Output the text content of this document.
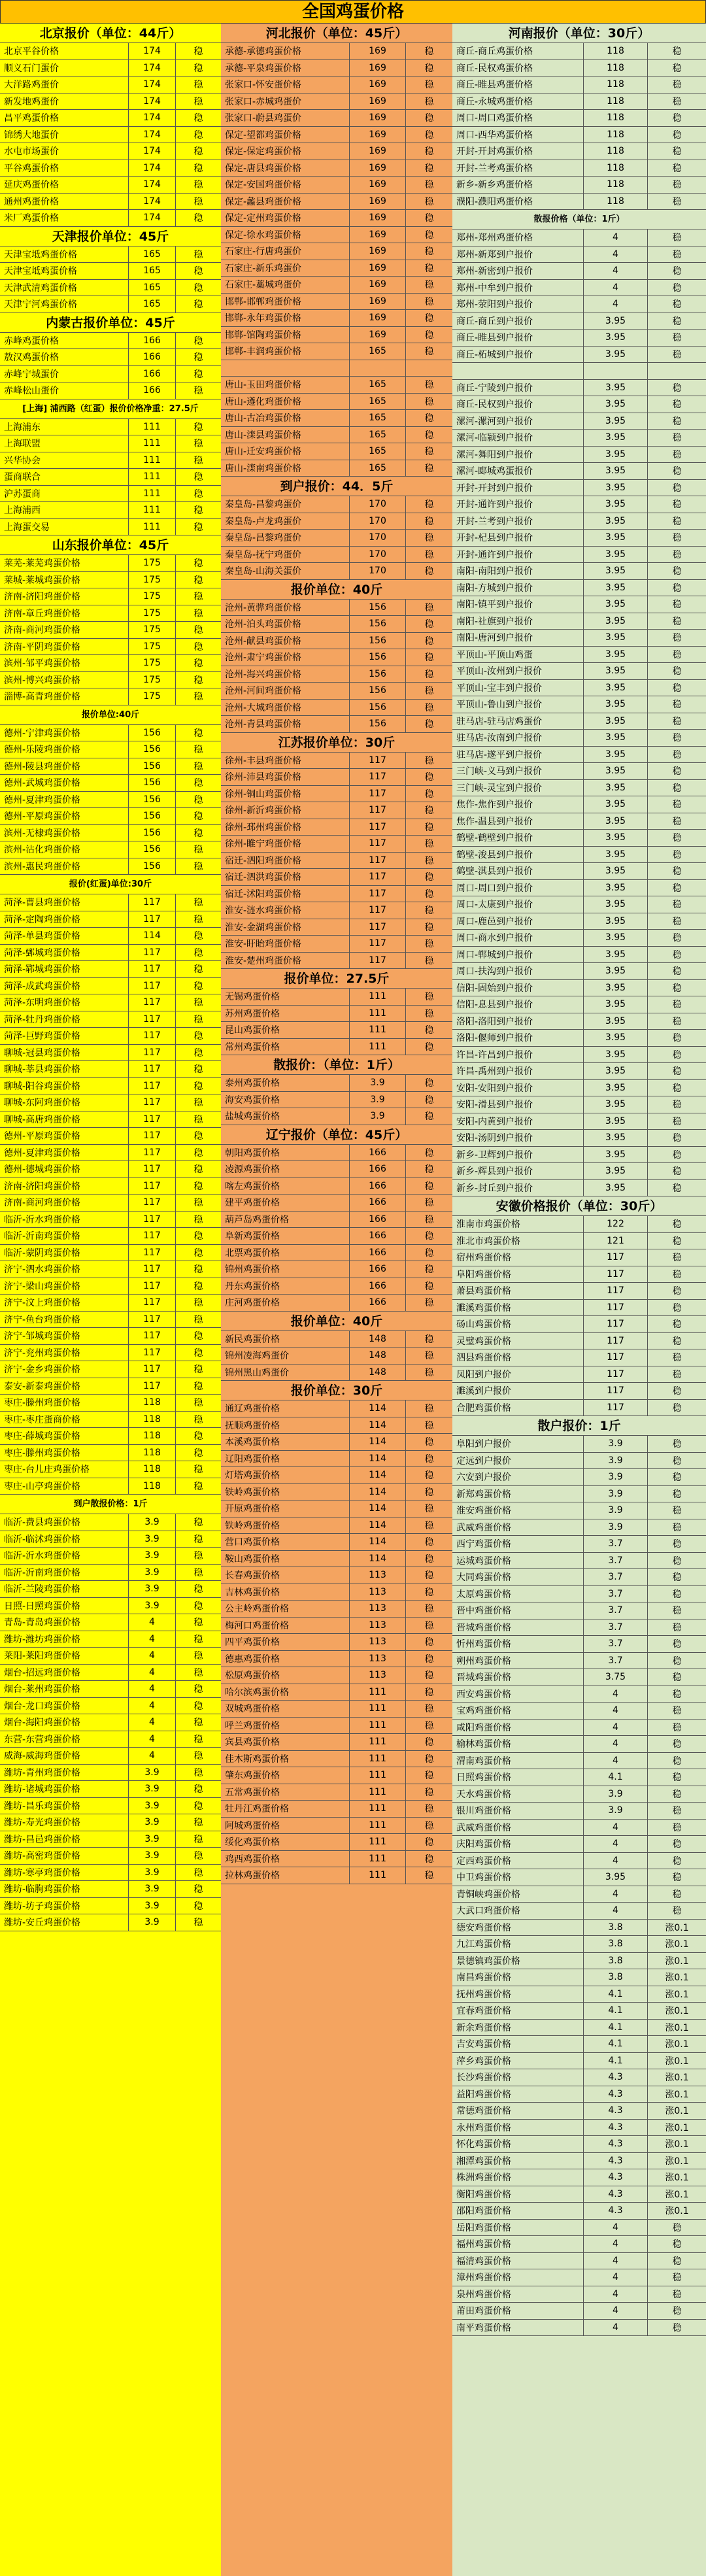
全国鸡蛋价格
北京报价（单位：44斤）
北京平谷价格	174	稳
顺义石门蛋价	174	稳
大洋路鸡蛋价	174	稳
新发地鸡蛋价	174	稳
昌平鸡蛋价格	174	稳
锦绣大地蛋价	174	稳
水屯市场蛋价	174	稳
平谷鸡蛋价格	174	稳
延庆鸡蛋价格	174	稳
通州鸡蛋价格	174	稳
米厂鸡蛋价格	174	稳
天津报价单位：45斤
天津宝坻鸡蛋价格	165	稳
天津宝坻鸡蛋价格	165	稳
天津武清鸡蛋价格	165	稳
天津宁河鸡蛋价格	165	稳
内蒙古报价单位：45斤
赤峰鸡蛋价格	166	稳
敖汉鸡蛋价格	166	稳
赤峰宁城蛋价	166	稳
赤峰松山蛋价	166	稳
[上海] 浦西路（红蛋）报价价格净重：27.5斤
上海浦东	111	稳
上海联盟	111	稳
兴华协会	111	稳
蛋商联合	111	稳
沪苏蛋商	111	稳
上海浦西	111	稳
上海蛋交易	111	稳
山东报价单位：45斤
莱芜-莱芜鸡蛋价格	175	稳
莱城-莱城鸡蛋价格	175	稳
济南-济阳鸡蛋价格	175	稳
济南-章丘鸡蛋价格	175	稳
济南-商河鸡蛋价格	175	稳
济南-平阴鸡蛋价格	175	稳
滨州-邹平鸡蛋价格	175	稳
滨州-博兴鸡蛋价格	175	稳
淄博-高青鸡蛋价格	175	稳
报价单位:40斤
德州-宁津鸡蛋价格	156	稳
德州-乐陵鸡蛋价格	156	稳
德州-陵县鸡蛋价格	156	稳
德州-武城鸡蛋价格	156	稳
德州-夏津鸡蛋价格	156	稳
德州-平原鸡蛋价格	156	稳
滨州-无棣鸡蛋价格	156	稳
滨州-沾化鸡蛋价格	156	稳
滨州-惠民鸡蛋价格	156	稳
报价(红蛋)单位:30斤
菏泽-曹县鸡蛋价格	117	稳
菏泽-定陶鸡蛋价格	117	稳
菏泽-单县鸡蛋价格	114	稳
菏泽-鄄城鸡蛋价格	117	稳
菏泽-郓城鸡蛋价格	117	稳
菏泽-成武鸡蛋价格	117	稳
菏泽-东明鸡蛋价格	117	稳
菏泽-牡丹鸡蛋价格	117	稳
菏泽-巨野鸡蛋价格	117	稳
聊城-冠县鸡蛋价格	117	稳
聊城-莘县鸡蛋价格	117	稳
聊城-阳谷鸡蛋价格	117	稳
聊城-东阿鸡蛋价格	117	稳
聊城-高唐鸡蛋价格	117	稳
德州-平原鸡蛋价格	117	稳
德州-夏津鸡蛋价格	117	稳
德州-德城鸡蛋价格	117	稳
济南-济阳鸡蛋价格	117	稳
济南-商河鸡蛋价格	117	稳
临沂-沂水鸡蛋价格	117	稳
临沂-沂南鸡蛋价格	117	稳
临沂-蒙阴鸡蛋价格	117	稳
济宁-泗水鸡蛋价格	117	稳
济宁-梁山鸡蛋价格	117	稳
济宁-汶上鸡蛋价格	117	稳
济宁-鱼台鸡蛋价格	117	稳
济宁-邹城鸡蛋价格	117	稳
济宁-兖州鸡蛋价格	117	稳
济宁-金乡鸡蛋价格	117	稳
泰安-新泰鸡蛋价格	117	稳
枣庄-滕州鸡蛋价格	118	稳
枣庄-枣庄蛋商价格	118	稳
枣庄-薛城鸡蛋价格	118	稳
枣庄-滕州鸡蛋价格	118	稳
枣庄-台儿庄鸡蛋价格	118	稳
枣庄-山亭鸡蛋价格	118	稳
到户散报价格：1斤
临沂-费县鸡蛋价格	3.9	稳
临沂-临沭鸡蛋价格	3.9	稳
临沂-沂水鸡蛋价格	3.9	稳
临沂-沂南鸡蛋价格	3.9	稳
临沂-兰陵鸡蛋价格	3.9	稳
日照-日照鸡蛋价格	3.9	稳
青岛-青岛鸡蛋价格	4	稳
潍坊-潍坊鸡蛋价格	4	稳
莱阳-莱阳鸡蛋价格	4	稳
烟台-招远鸡蛋价格	4	稳
烟台-莱州鸡蛋价格	4	稳
烟台-龙口鸡蛋价格	4	稳
烟台-海阳鸡蛋价格	4	稳
东营-东营鸡蛋价格	4	稳
威海-威海鸡蛋价格	4	稳
潍坊-青州鸡蛋价格	3.9	稳
潍坊-诸城鸡蛋价格	3.9	稳
潍坊-昌乐鸡蛋价格	3.9	稳
潍坊-寿光鸡蛋价格	3.9	稳
潍坊-昌邑鸡蛋价格	3.9	稳
潍坊-高密鸡蛋价格	3.9	稳
潍坊-寒亭鸡蛋价格	3.9	稳
潍坊-临朐鸡蛋价格	3.9	稳
潍坊-坊子鸡蛋价格	3.9	稳
潍坊-安丘鸡蛋价格	3.9	稳
河北报价（单位：45斤）
承德-承德鸡蛋价格	169	稳
承德-平泉鸡蛋价格	169	稳
张家口-怀安蛋价格	169	稳
张家口-赤城鸡蛋价	169	稳
张家口-蔚县鸡蛋价	169	稳
保定-望都鸡蛋价格	169	稳
保定-保定鸡蛋价格	169	稳
保定-唐县鸡蛋价格	169	稳
保定-安国鸡蛋价格	169	稳
保定-蠡县鸡蛋价格	169	稳
保定-定州鸡蛋价格	169	稳
保定-徐水鸡蛋价格	169	稳
石家庄-行唐鸡蛋价	169	稳
石家庄-新乐鸡蛋价	169	稳
石家庄-藁城鸡蛋价	169	稳
邯郸-邯郸鸡蛋价格	169	稳
邯郸-永年鸡蛋价格	169	稳
邯郸-馆陶鸡蛋价格	169	稳
邯郸-丰润鸡蛋价格	165	稳
唐山-玉田鸡蛋价格	165	稳
唐山-遵化鸡蛋价格	165	稳
唐山-古冶鸡蛋价格	165	稳
唐山-滦县鸡蛋价格	165	稳
唐山-迁安鸡蛋价格	165	稳
唐山-滦南鸡蛋价格	165	稳
到户报价：44．5斤
秦皇岛-昌黎鸡蛋价	170	稳
秦皇岛-卢龙鸡蛋价	170	稳
秦皇岛-昌黎鸡蛋价	170	稳
秦皇岛-抚宁鸡蛋价	170	稳
秦皇岛-山海关蛋价	170	稳
报价单位：40斤
沧州-黄骅鸡蛋价格	156	稳
沧州-泊头鸡蛋价格	156	稳
沧州-献县鸡蛋价格	156	稳
沧州-肃宁鸡蛋价格	156	稳
沧州-海兴鸡蛋价格	156	稳
沧州-河间鸡蛋价格	156	稳
沧州-大城鸡蛋价格	156	稳
沧州-青县鸡蛋价格	156	稳
江苏报价单位：30斤
徐州-丰县鸡蛋价格	117	稳
徐州-沛县鸡蛋价格	117	稳
徐州-铜山鸡蛋价格	117	稳
徐州-新沂鸡蛋价格	117	稳
徐州-邳州鸡蛋价格	117	稳
徐州-睢宁鸡蛋价格	117	稳
宿迁-泗阳鸡蛋价格	117	稳
宿迁-泗洪鸡蛋价格	117	稳
宿迁-沭阳鸡蛋价格	117	稳
淮安-涟水鸡蛋价格	117	稳
淮安-金湖鸡蛋价格	117	稳
淮安-盱眙鸡蛋价格	117	稳
淮安-楚州鸡蛋价格	117	稳
报价单位：27.5斤
无锡鸡蛋价格	111	稳
苏州鸡蛋价格	111	稳
昆山鸡蛋价格	111	稳
常州鸡蛋价格	111	稳
散报价：（单位：1斤）
泰州鸡蛋价格	3.9	稳
海安鸡蛋价格	3.9	稳
盐城鸡蛋价格	3.9	稳
辽宁报价（单位：45斤）
朝阳鸡蛋价格	166	稳
凌源鸡蛋价格	166	稳
喀左鸡蛋价格	166	稳
建平鸡蛋价格	166	稳
葫芦岛鸡蛋价格	166	稳
阜新鸡蛋价格	166	稳
北票鸡蛋价格	166	稳
锦州鸡蛋价格	166	稳
丹东鸡蛋价格	166	稳
庄河鸡蛋价格	166	稳
报价单位：40斤
新民鸡蛋价格	148	稳
锦州凌海鸡蛋价	148	稳
锦州黑山鸡蛋价	148	稳
报价单位：30斤
通辽鸡蛋价格	114	稳
抚顺鸡蛋价格	114	稳
本溪鸡蛋价格	114	稳
辽阳鸡蛋价格	114	稳
灯塔鸡蛋价格	114	稳
铁岭鸡蛋价格	114	稳
开原鸡蛋价格	114	稳
铁岭鸡蛋价格	114	稳
营口鸡蛋价格	114	稳
鞍山鸡蛋价格	114	稳
长春鸡蛋价格	113	稳
吉林鸡蛋价格	113	稳
公主岭鸡蛋价格	113	稳
梅河口鸡蛋价格	113	稳
四平鸡蛋价格	113	稳
德惠鸡蛋价格	113	稳
松原鸡蛋价格	113	稳
哈尔滨鸡蛋价格	111	稳
双城鸡蛋价格	111	稳
呼兰鸡蛋价格	111	稳
宾县鸡蛋价格	111	稳
佳木斯鸡蛋价格	111	稳
肇东鸡蛋价格	111	稳
五常鸡蛋价格	111	稳
牡丹江鸡蛋价格	111	稳
阿城鸡蛋价格	111	稳
绥化鸡蛋价格	111	稳
鸡西鸡蛋价格	111	稳
拉林鸡蛋价格	111	稳
河南报价（单位：30斤）
商丘-商丘鸡蛋价格	118	稳
商丘-民权鸡蛋价格	118	稳
商丘-睢县鸡蛋价格	118	稳
商丘-永城鸡蛋价格	118	稳
周口-周口鸡蛋价格	118	稳
周口-西华鸡蛋价格	118	稳
开封-开封鸡蛋价格	118	稳
开封-兰考鸡蛋价格	118	稳
新乡-新乡鸡蛋价格	118	稳
濮阳-濮阳鸡蛋价格	118	稳
散报价格（单位：1斤）
郑州-郑州鸡蛋价格	4	稳
郑州-新郑到户报价	4	稳
郑州-新密到户报价	4	稳
郑州-中牟到户报价	4	稳
郑州-荥阳到户报价	4	稳
商丘-商丘到户报价	3.95	稳
商丘-睢县到户报价	3.95	稳
商丘-柘城到户报价	3.95	稳
商丘-宁陵到户报价	3.95	稳
商丘-民权到户报价	3.95	稳
漯河-漯河到户报价	3.95	稳
漯河-临颍到户报价	3.95	稳
漯河-舞阳到户报价	3.95	稳
漯河-郾城鸡蛋报价	3.95	稳
开封-开封到户报价	3.95	稳
开封-通许到户报价	3.95	稳
开封-兰考到户报价	3.95	稳
开封-杞县到户报价	3.95	稳
开封-通许到户报价	3.95	稳
南阳-南阳到户报价	3.95	稳
南阳-方城到户报价	3.95	稳
南阳-镇平到户报价	3.95	稳
南阳-社旗到户报价	3.95	稳
南阳-唐河到户报价	3.95	稳
平顶山-平顶山鸡蛋	3.95	稳
平顶山-汝州到户报价	3.95	稳
平顶山-宝丰到户报价	3.95	稳
平顶山-鲁山到户报价	3.95	稳
驻马店-驻马店鸡蛋价	3.95	稳
驻马店-汝南到户报价	3.95	稳
驻马店-遂平到户报价	3.95	稳
三门峡-义马到户报价	3.95	稳
三门峡-灵宝到户报价	3.95	稳
焦作-焦作到户报价	3.95	稳
焦作-温县到户报价	3.95	稳
鹤壁-鹤壁到户报价	3.95	稳
鹤壁-浚县到户报价	3.95	稳
鹤壁-淇县到户报价	3.95	稳
周口-周口到户报价	3.95	稳
周口-太康到户报价	3.95	稳
周口-鹿邑到户报价	3.95	稳
周口-商水到户报价	3.95	稳
周口-郸城到户报价	3.95	稳
周口-扶沟到户报价	3.95	稳
信阳-固始到户报价	3.95	稳
信阳-息县到户报价	3.95	稳
洛阳-洛阳到户报价	3.95	稳
洛阳-偃师到户报价	3.95	稳
许昌-许昌到户报价	3.95	稳
许昌-禹州到户报价	3.95	稳
安阳-安阳到户报价	3.95	稳
安阳-滑县到户报价	3.95	稳
安阳-内黄到户报价	3.95	稳
安阳-汤阴到户报价	3.95	稳
新乡-卫辉到户报价	3.95	稳
新乡-辉县到户报价	3.95	稳
新乡-封丘到户报价	3.95	稳
安徽价格报价（单位：30斤）
淮南市鸡蛋价格	122	稳
淮北市鸡蛋价格	121	稳
宿州鸡蛋价格	117	稳
阜阳鸡蛋价格	117	稳
萧县鸡蛋价格	117	稳
濉溪鸡蛋价格	117	稳
砀山鸡蛋价格	117	稳
灵璧鸡蛋价格	117	稳
泗县鸡蛋价格	117	稳
凤阳到户报价	117	稳
濉溪到户报价	117	稳
合肥鸡蛋价格	117	稳
散户报价：1斤
阜阳到户报价	3.9	稳
定远到户报价	3.9	稳
六安到户报价	3.9	稳
新郑鸡蛋价格	3.9	稳
淮安鸡蛋价格	3.9	稳
武威鸡蛋价格	3.9	稳
西宁鸡蛋价格	3.7	稳
运城鸡蛋价格	3.7	稳
大同鸡蛋价格	3.7	稳
太原鸡蛋价格	3.7	稳
晋中鸡蛋价格	3.7	稳
晋城鸡蛋价格	3.7	稳
忻州鸡蛋价格	3.7	稳
朔州鸡蛋价格	3.7	稳
晋城鸡蛋价格	3.75	稳
西安鸡蛋价格	4	稳
宝鸡鸡蛋价格	4	稳
咸阳鸡蛋价格	4	稳
榆林鸡蛋价格	4	稳
渭南鸡蛋价格	4	稳
日照鸡蛋价格	4.1	稳
天水鸡蛋价格	3.9	稳
银川鸡蛋价格	3.9	稳
武威鸡蛋价格	4	稳
庆阳鸡蛋价格	4	稳
定西鸡蛋价格	4	稳
中卫鸡蛋价格	3.95	稳
青铜峡鸡蛋价格	4	稳
大武口鸡蛋价格	4	稳
德安鸡蛋价格	3.8	涨0.1
九江鸡蛋价格	3.8	涨0.1
景德镇鸡蛋价格	3.8	涨0.1
南昌鸡蛋价格	3.8	涨0.1
抚州鸡蛋价格	4.1	涨0.1
宜春鸡蛋价格	4.1	涨0.1
新余鸡蛋价格	4.1	涨0.1
吉安鸡蛋价格	4.1	涨0.1
萍乡鸡蛋价格	4.1	涨0.1
长沙鸡蛋价格	4.3	涨0.1
益阳鸡蛋价格	4.3	涨0.1
常德鸡蛋价格	4.3	涨0.1
永州鸡蛋价格	4.3	涨0.1
怀化鸡蛋价格	4.3	涨0.1
湘潭鸡蛋价格	4.3	涨0.1
株洲鸡蛋价格	4.3	涨0.1
衡阳鸡蛋价格	4.3	涨0.1
邵阳鸡蛋价格	4.3	涨0.1
岳阳鸡蛋价格	4	稳
福州鸡蛋价格	4	稳
福清鸡蛋价格	4	稳
漳州鸡蛋价格	4	稳
泉州鸡蛋价格	4	稳
莆田鸡蛋价格	4	稳
南平鸡蛋价格	4	稳
